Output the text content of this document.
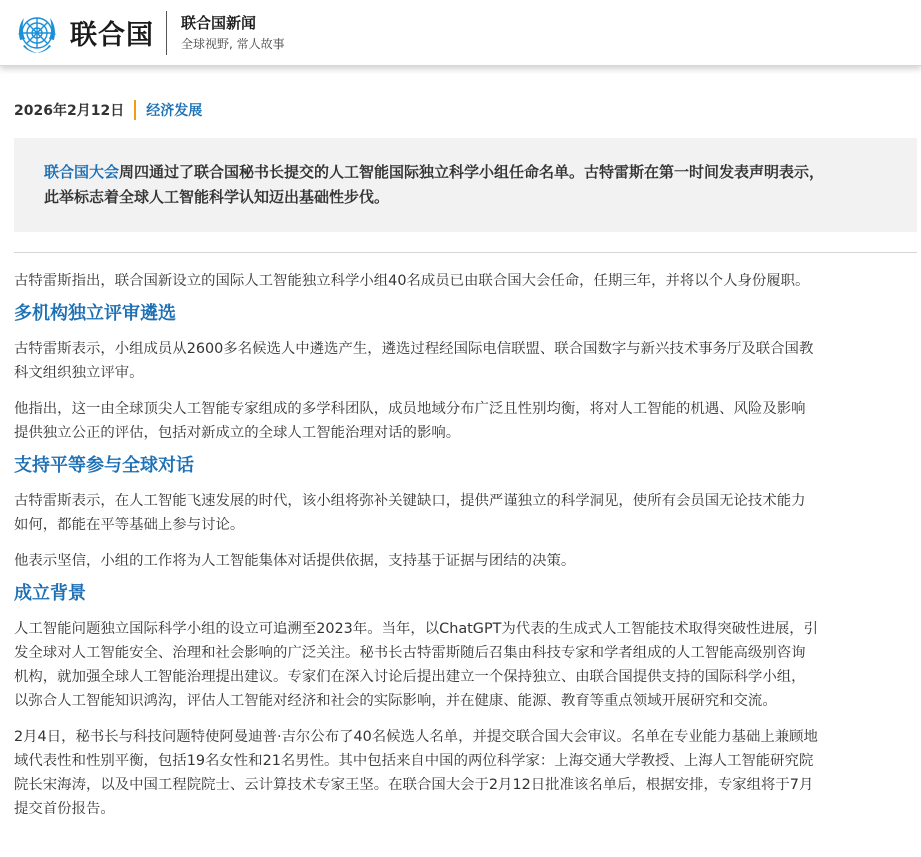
联合国 联合国新闻
全球视野, 常人故事
2026年2月12日 经济发展

联合国大会周四通过了联合国秘书长提交的人工智能国际独立科学小组任命名单。古特雷斯在第一时间发表声明表示，
此举标志着全球人工智能科学认知迈出基础性步伐。

古特雷斯指出，联合国新设立的国际人工智能独立科学小组40名成员已由联合国大会任命，任期三年，并将以个人身份履职。

多机构独立评审遴选

古特雷斯表示，小组成员从2600多名候选人中遴选产生，遴选过程经国际电信联盟、联合国数字与新兴技术事务厅及联合国教
科文组织独立评审。

他指出，这一由全球顶尖人工智能专家组成的多学科团队，成员地域分布广泛且性别均衡，将对人工智能的机遇、风险及影响
提供独立公正的评估，包括对新成立的全球人工智能治理对话的影响。

支持平等参与全球对话

古特雷斯表示，在人工智能飞速发展的时代，该小组将弥补关键缺口，提供严谨独立的科学洞见，使所有会员国无论技术能力
如何，都能在平等基础上参与讨论。

他表示坚信，小组的工作将为人工智能集体对话提供依据，支持基于证据与团结的决策。

成立背景

人工智能问题独立国际科学小组的设立可追溯至2023年。当年，以ChatGPT为代表的生成式人工智能技术取得突破性进展，引
发全球对人工智能安全、治理和社会影响的广泛关注。秘书长古特雷斯随后召集由科技专家和学者组成的人工智能高级别咨询
机构，就加强全球人工智能治理提出建议。专家们在深入讨论后提出建立一个保持独立、由联合国提供支持的国际科学小组，
以弥合人工智能知识鸿沟，评估人工智能对经济和社会的实际影响，并在健康、能源、教育等重点领域开展研究和交流。

2月4日，秘书长与科技问题特使阿曼迪普·吉尔公布了40名候选人名单，并提交联合国大会审议。名单在专业能力基础上兼顾地
域代表性和性别平衡，包括19名女性和21名男性。其中包括来自中国的两位科学家：上海交通大学教授、上海人工智能研究院
院长宋海涛，以及中国工程院院士、云计算技术专家王坚。在联合国大会于2月12日批准该名单后，根据安排，专家组将于7月
提交首份报告。
